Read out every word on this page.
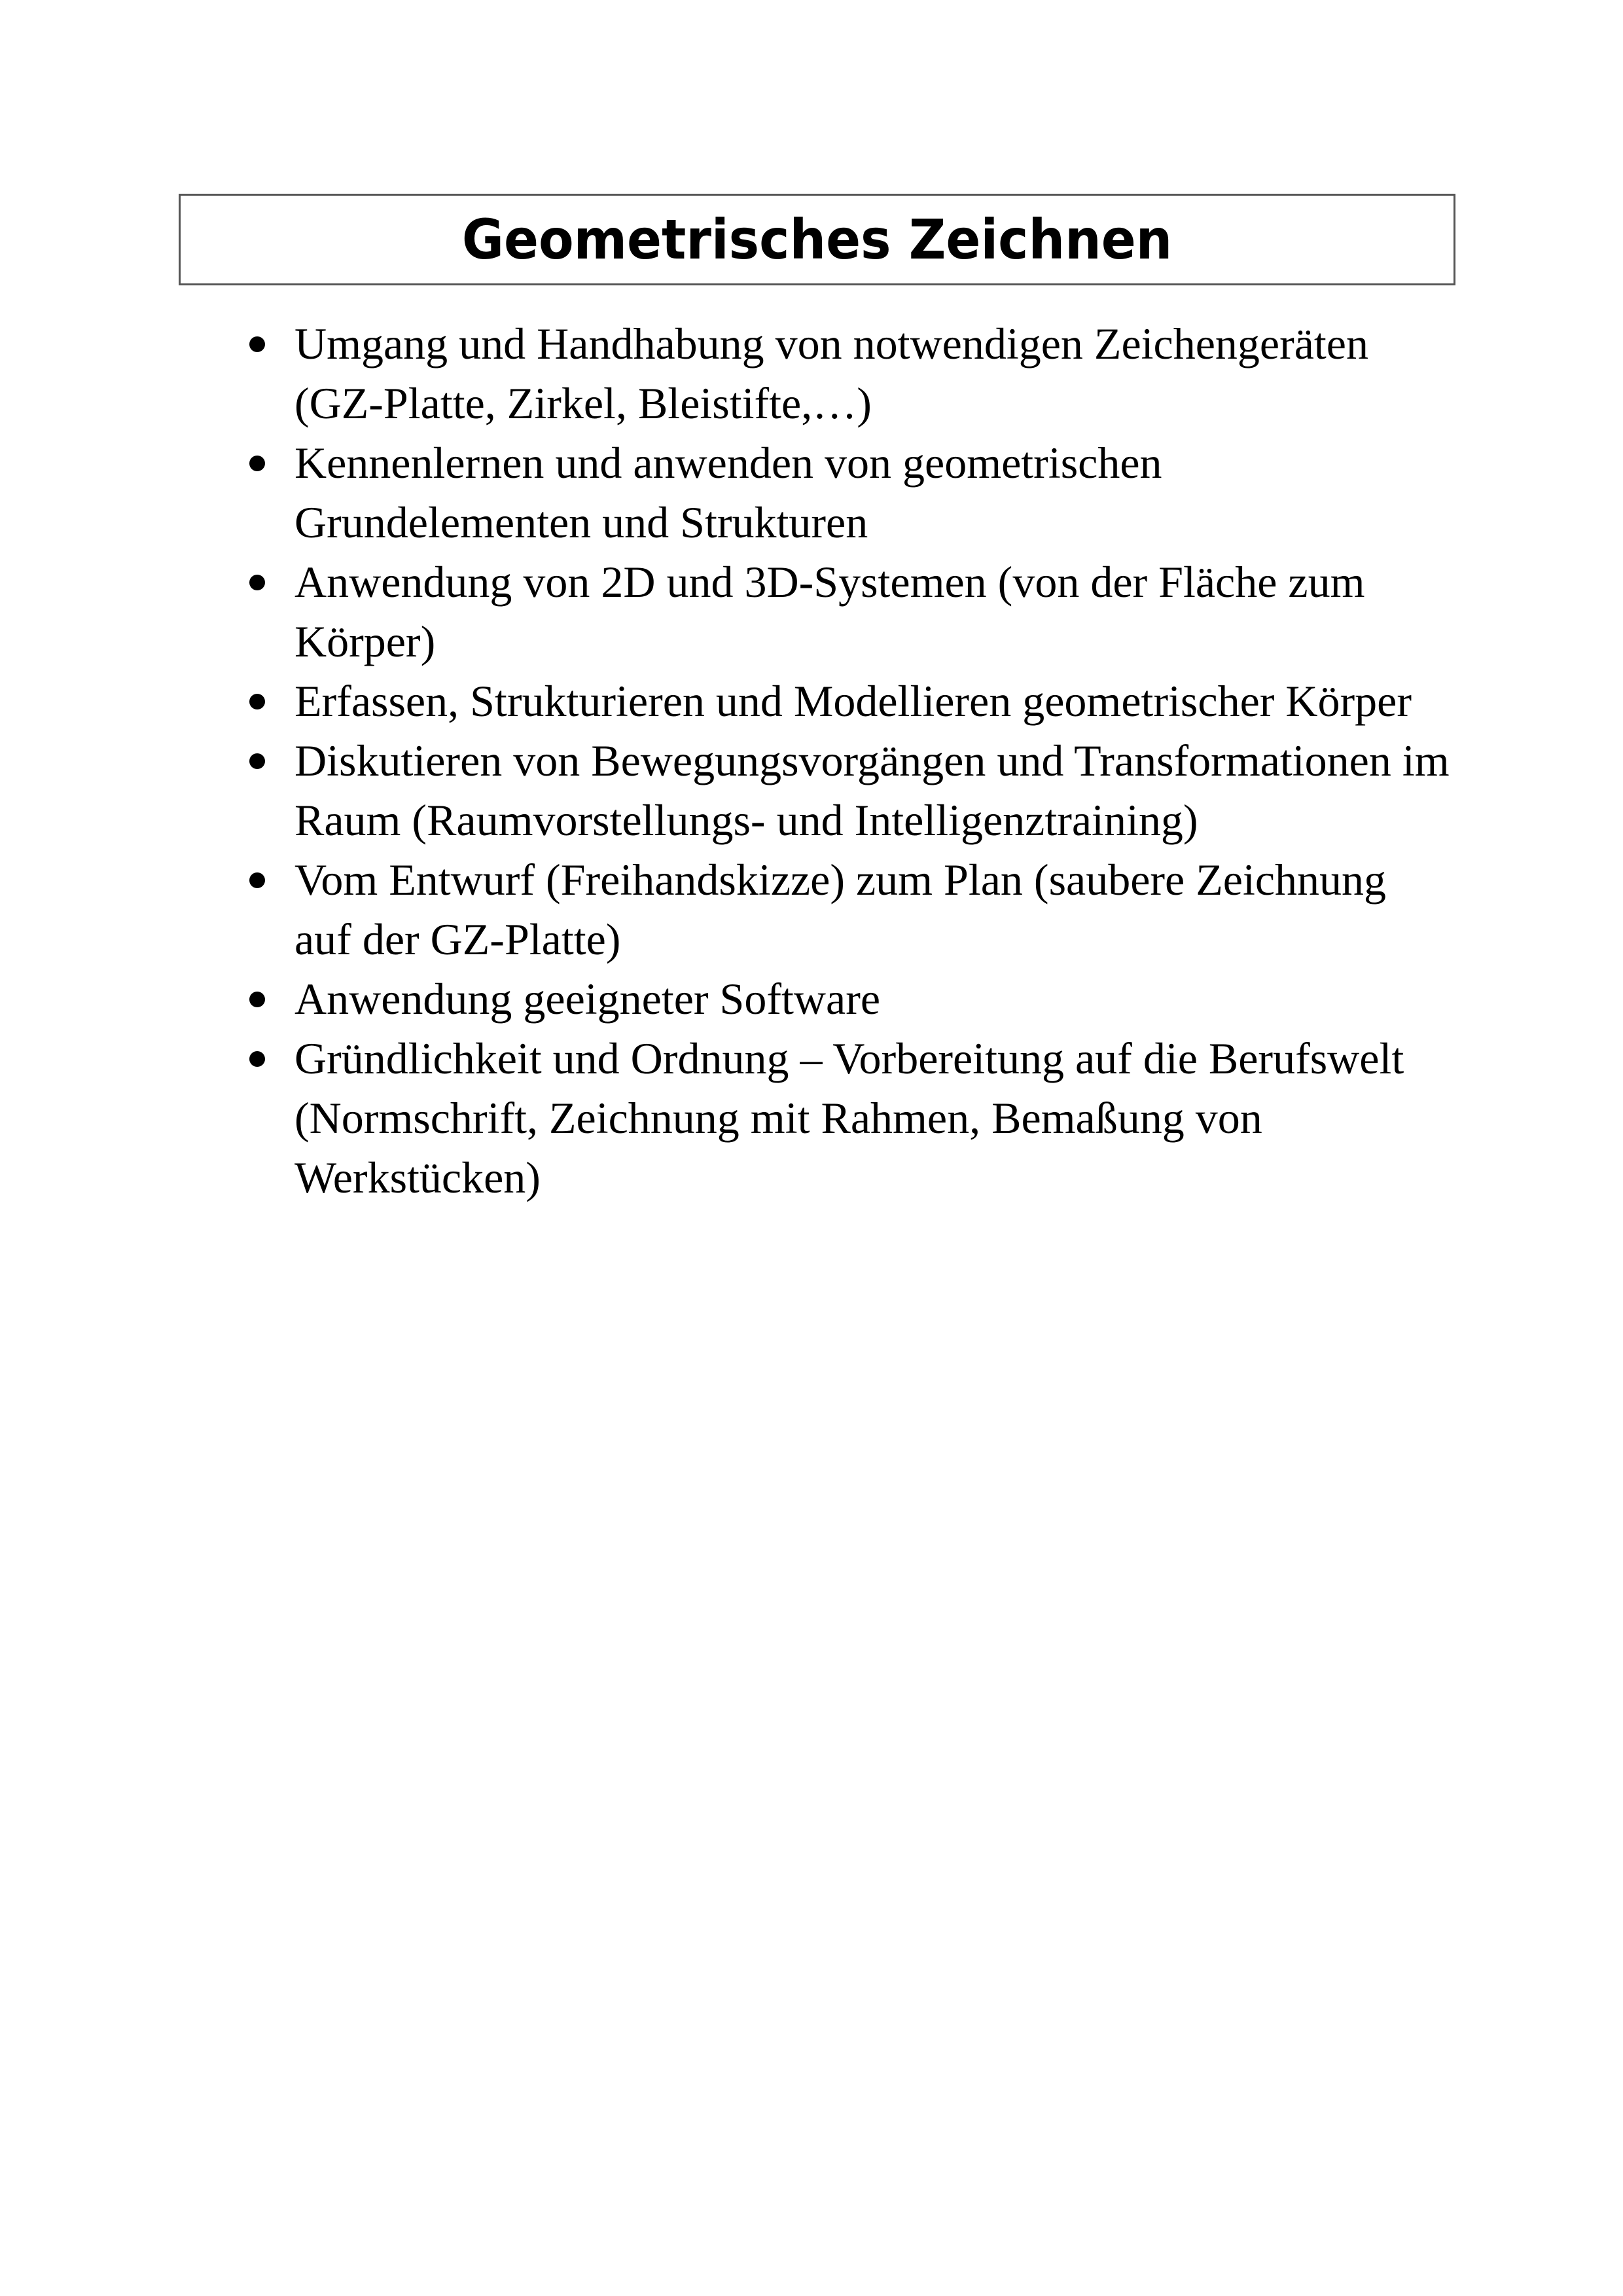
Geometrisches Zeichnen
Umgang und Handhabung von notwendigen Zeichengeräten
(GZ-Platte, Zirkel, Bleistifte,…)
Kennenlernen und anwenden von geometrischen
Grundelementen und Strukturen
Anwendung von 2D und 3D-Systemen (von der Fläche zum
Körper)
Erfassen, Strukturieren und Modellieren geometrischer Körper
Diskutieren von Bewegungsvorgängen und Transformationen im
Raum (Raumvorstellungs- und Intelligenztraining)
Vom Entwurf (Freihandskizze) zum Plan (saubere Zeichnung
auf der GZ-Platte)
Anwendung geeigneter Software
Gründlichkeit und Ordnung – Vorbereitung auf die Berufswelt
(Normschrift, Zeichnung mit Rahmen, Bemaßung von
Werkstücken)
